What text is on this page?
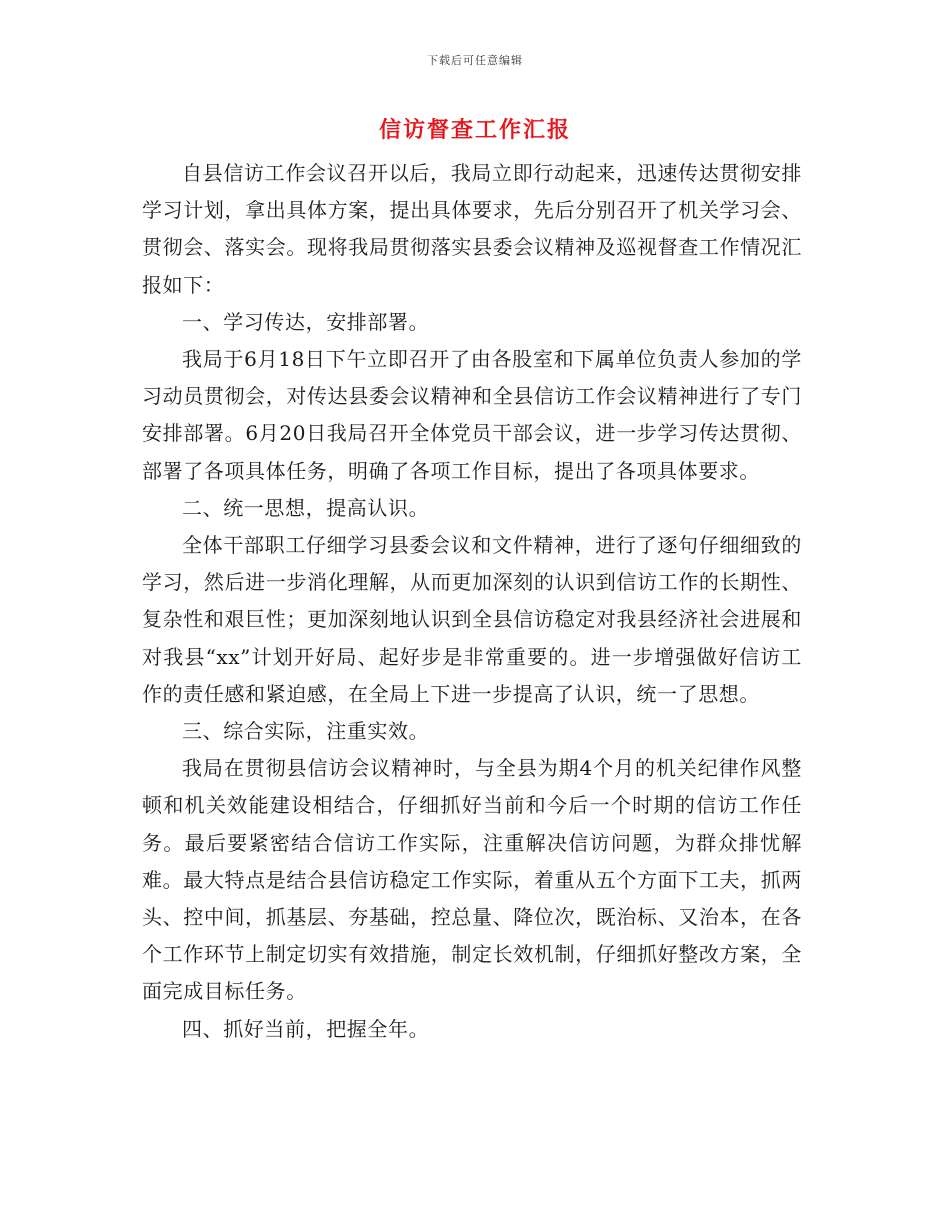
下载后可任意编辑
信访督查工作汇报

自县信访工作会议召开以后，我局立即行动起来，迅速传达贯彻安排学习计划，拿出具体方案，提出具体要求，先后分别召开了机关学习会、贯彻会、落实会。现将我局贯彻落实县委会议精神及巡视督查工作情况汇报如下：

一、学习传达，安排部署。

我局于6月18日下午立即召开了由各股室和下属单位负责人参加的学习动员贯彻会，对传达县委会议精神和全县信访工作会议精神进行了专门安排部署。6月20日我局召开全体党员干部会议，进一步学习传达贯彻、部署了各项具体任务，明确了各项工作目标，提出了各项具体要求。

二、统一思想，提高认识。

全体干部职工仔细学习县委会议和文件精神，进行了逐句仔细细致的学习，然后进一步消化理解，从而更加深刻的认识到信访工作的长期性、复杂性和艰巨性；更加深刻地认识到全县信访稳定对我县经济社会进展和对我县“xx”计划开好局、起好步是非常重要的。进一步增强做好信访工作的责任感和紧迫感，在全局上下进一步提高了认识，统一了思想。

三、综合实际，注重实效。

我局在贯彻县信访会议精神时，与全县为期4个月的机关纪律作风整顿和机关效能建设相结合，仔细抓好当前和今后一个时期的信访工作任务。最后要紧密结合信访工作实际，注重解决信访问题，为群众排忧解难。最大特点是结合县信访稳定工作实际，着重从五个方面下工夫，抓两头、控中间，抓基层、夯基础，控总量、降位次，既治标、又治本，在各个工作环节上制定切实有效措施，制定长效机制，仔细抓好整改方案，全面完成目标任务。

四、抓好当前，把握全年。
